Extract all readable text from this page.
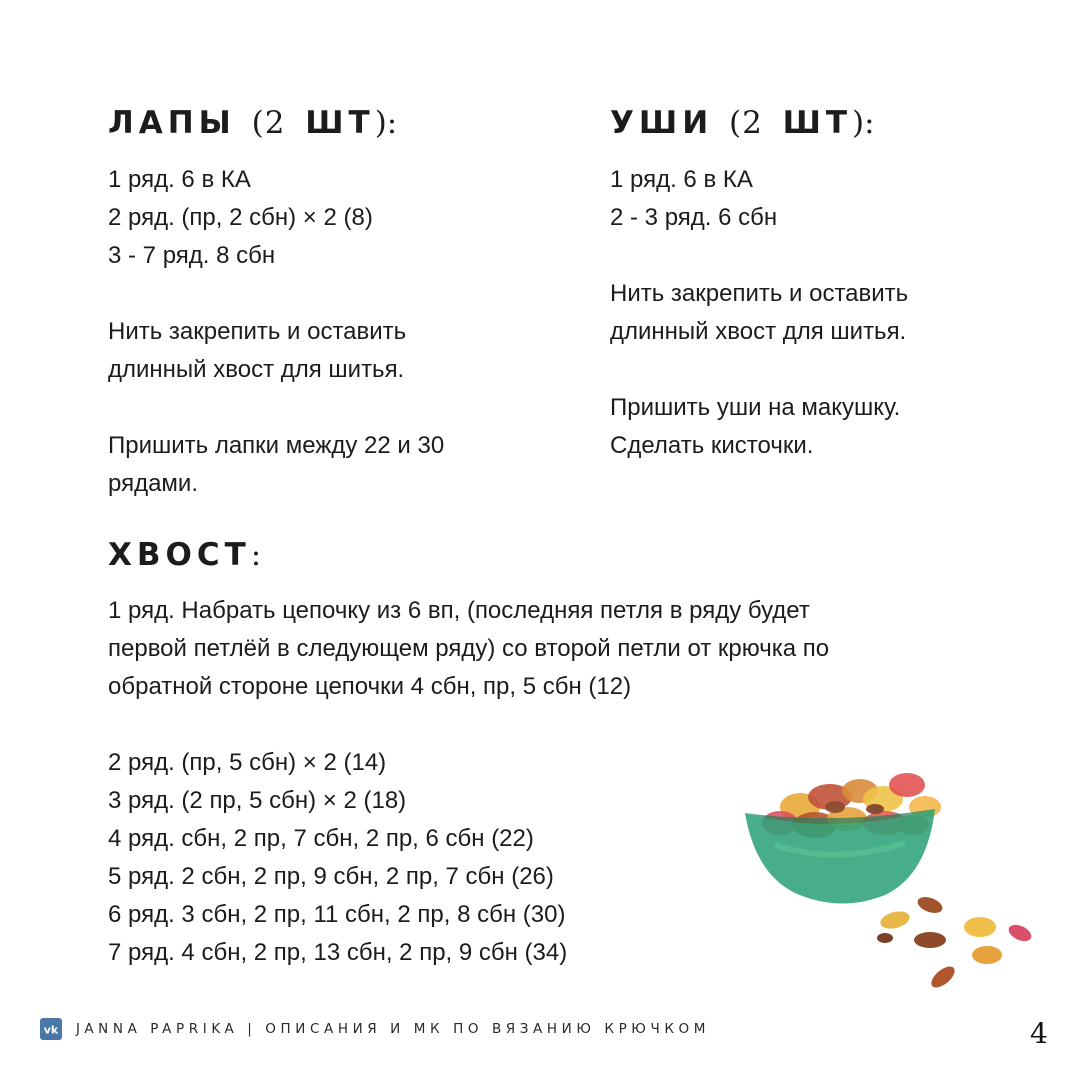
ЛАПЫ (2 ШТ):
1 ряд. 6 в КА
2 ряд. (пр, 2 сбн) × 2 (8)
3 - 7 ряд. 8 сбн
Нить закрепить и оставить
длинный хвост для шитья.
Пришить лапки между 22 и 30
рядами.
УШИ (2 ШТ):
1 ряд. 6 в КА
2 - 3 ряд. 6 сбн
Нить закрепить и оставить
длинный хвост для шитья.
Пришить уши на макушку.
Сделать кисточки.
ХВОСТ:
1 ряд. Набрать цепочку из 6 вп, (последняя петля в ряду будет
первой петлёй в следующем ряду) со второй петли от крючка по
обратной стороне цепочки 4 сбн, пр, 5 сбн (12)
2 ряд. (пр, 5 сбн) × 2 (14)
3 ряд. (2 пр, 5 сбн) × 2 (18)
4 ряд. сбн, 2 пр, 7 сбн, 2 пр, 6 сбн (22)
5 ряд. 2 сбн, 2 пр, 9 сбн, 2 пр, 7 сбн (26)
6 ряд. 3 сбн, 2 пр, 11 сбн, 2 пр, 8 сбн (30)
7 ряд. 4 сбн, 2 пр, 13 сбн, 2 пр, 9 сбн (34)
vk JANNA PAPRIKA | ОПИСАНИЯ И МК ПО ВЯЗАНИЮ КРЮЧКОМ	4
